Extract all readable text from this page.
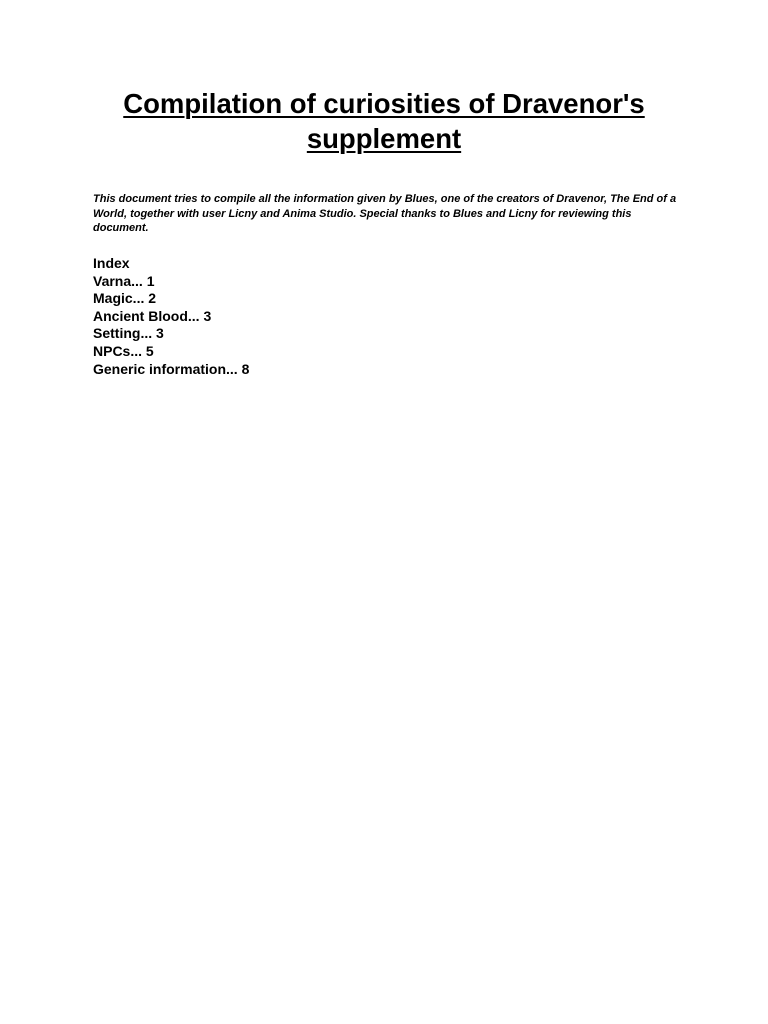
Compilation of curiosities of Dravenor's supplement

This document tries to compile all the information given by Blues, one of the creators of Dravenor, The End of a World, together with user Licny and Anima Studio. Special thanks to Blues and Licny for reviewing this document.

Index
Varna... 1
Magic... 2
Ancient Blood... 3
Setting... 3
NPCs... 5
Generic information... 8
